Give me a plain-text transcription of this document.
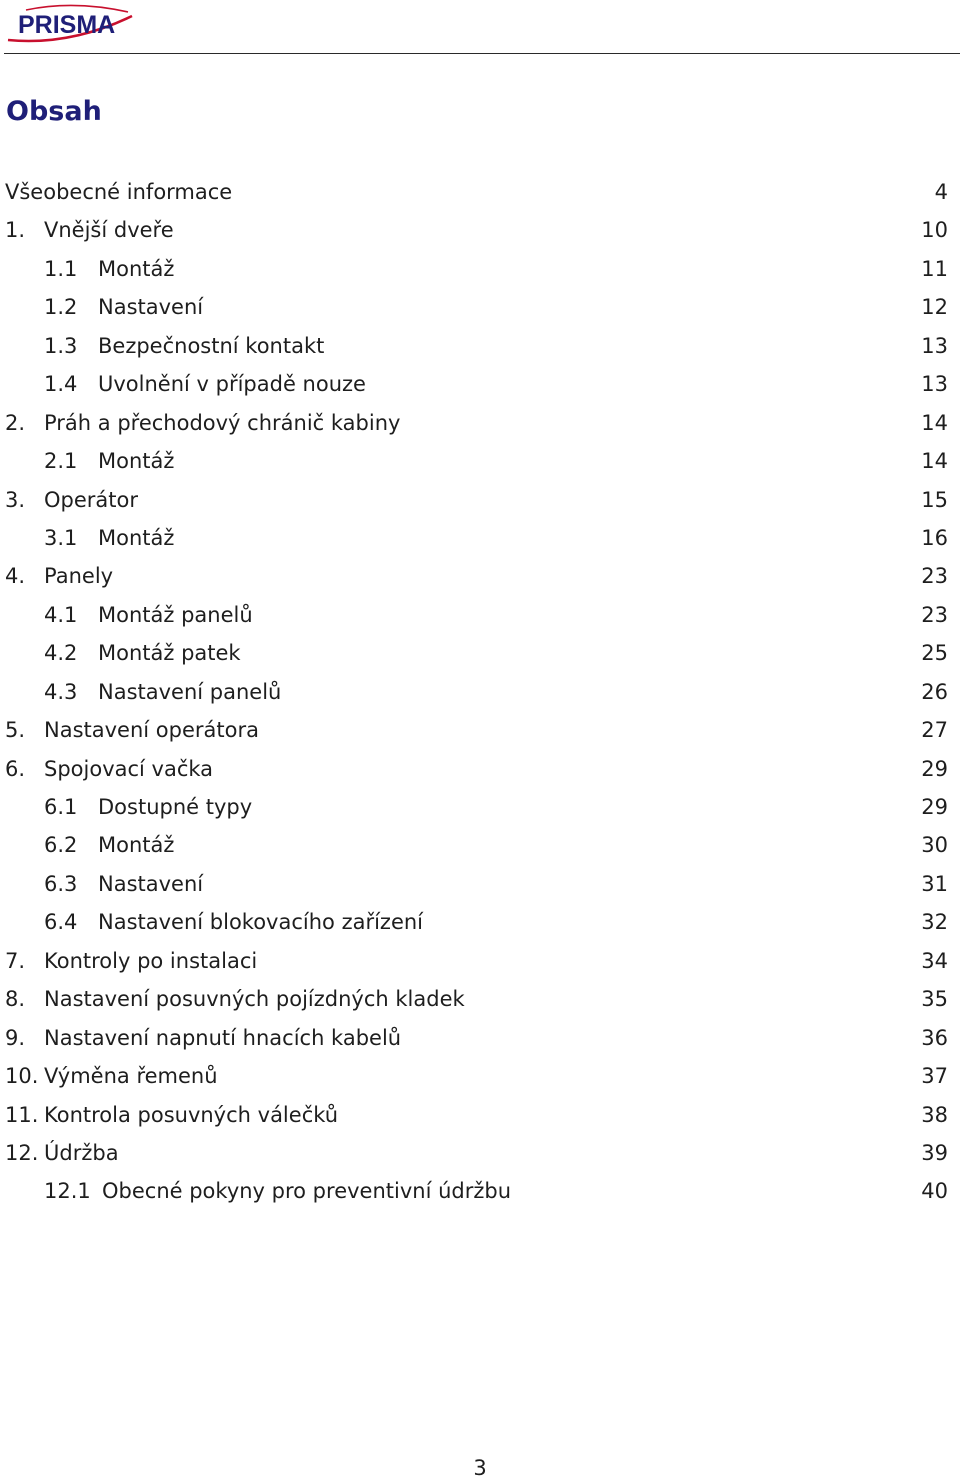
PRISMA
Obsah
Všeobecné informace	4
1. Vnější dveře	10
1.1 Montáž	11
1.2 Nastavení	12
1.3 Bezpečnostní kontakt	13
1.4 Uvolnění v případě nouze	13
2. Práh a přechodový chránič kabiny	14
2.1 Montáž	14
3. Operátor	15
3.1 Montáž	16
4. Panely	23
4.1 Montáž panelů	23
4.2 Montáž patek	25
4.3 Nastavení panelů	26
5. Nastavení operátora	27
6. Spojovací vačka	29
6.1 Dostupné typy	29
6.2 Montáž	30
6.3 Nastavení	31
6.4 Nastavení blokovacího zařízení	32
7. Kontroly po instalaci	34
8. Nastavení posuvných pojízdných kladek	35
9. Nastavení napnutí hnacích kabelů	36
10. Výměna řemenů	37
11. Kontrola posuvných válečků	38
12. Údržba	39
12.1 Obecné pokyny pro preventivní údržbu	40
3
